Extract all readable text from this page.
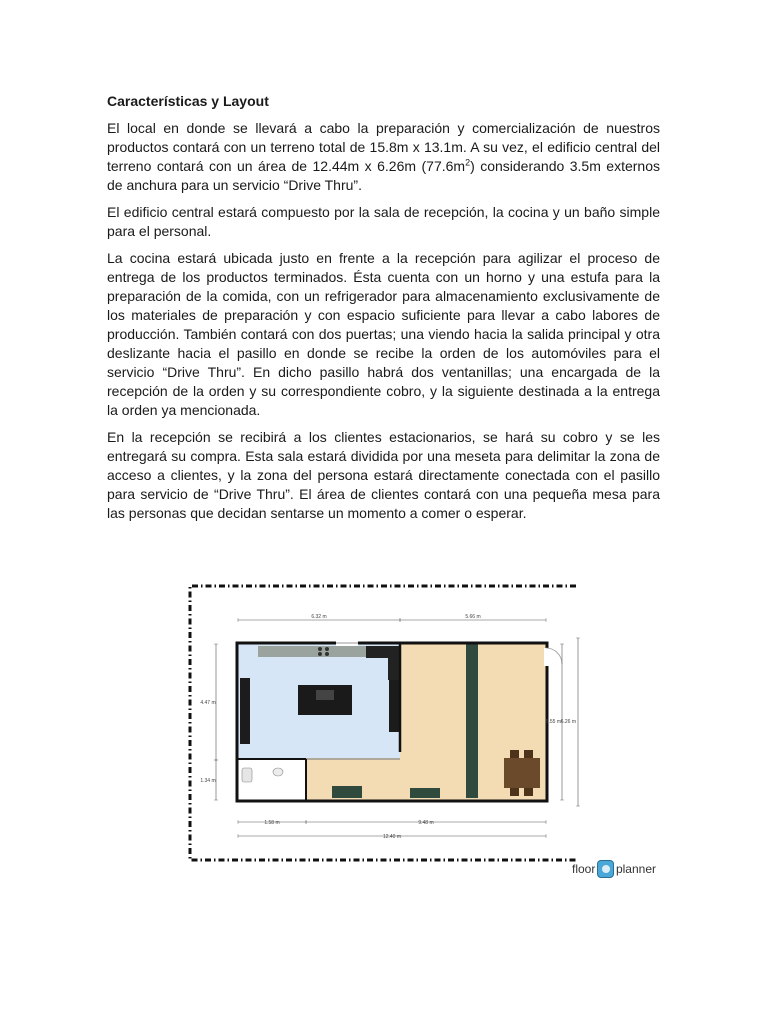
Características y Layout

El local en donde se llevará a cabo la preparación y comercialización de nuestros productos contará con un terreno total de 15.8m x 13.1m. A su vez, el edificio central del terreno contará con un área de 12.44m x 6.26m $(77.6m^2)$ considerando 3.5m externos de anchura para un servicio “Drive Thru”.

El edificio central estará compuesto por la sala de recepción, la cocina y un baño simple para el personal.

La cocina estará ubicada justo en frente a la recepción para agilizar el proceso de entrega de los productos terminados. Ésta cuenta con un horno y una estufa para la preparación de la comida, con un refrigerador para almacenamiento exclusivamente de los materiales de preparación y con espacio suficiente para llevar a cabo labores de producción. También contará con dos puertas; una viendo hacia la salida principal y otra deslizante hacia el pasillo en donde se recibe la orden de los automóviles para el servicio “Drive Thru”. En dicho pasillo habrá dos ventanillas; una encargada de la recepción de la orden y su correspondiente cobro, y la siguiente destinada a la entrega la orden ya mencionada.

En la recepción se recibirá a los clientes estacionarios, se hará su cobro y se les entregará su compra. Esta sala estará dividida por una meseta para delimitar la zona de acceso a clientes, y la zona del persona estará directamente conectada con el pasillo para servicio de “Drive Thru”. El área de clientes contará con una pequeña mesa para las personas que decidan sentarse un momento a comer o esperar.

6.32 m	5.66 m
4.47 m
1.34 m
5.55 m 6.26 m
1.58 m	9.48 m
12.40 m
floor planner
